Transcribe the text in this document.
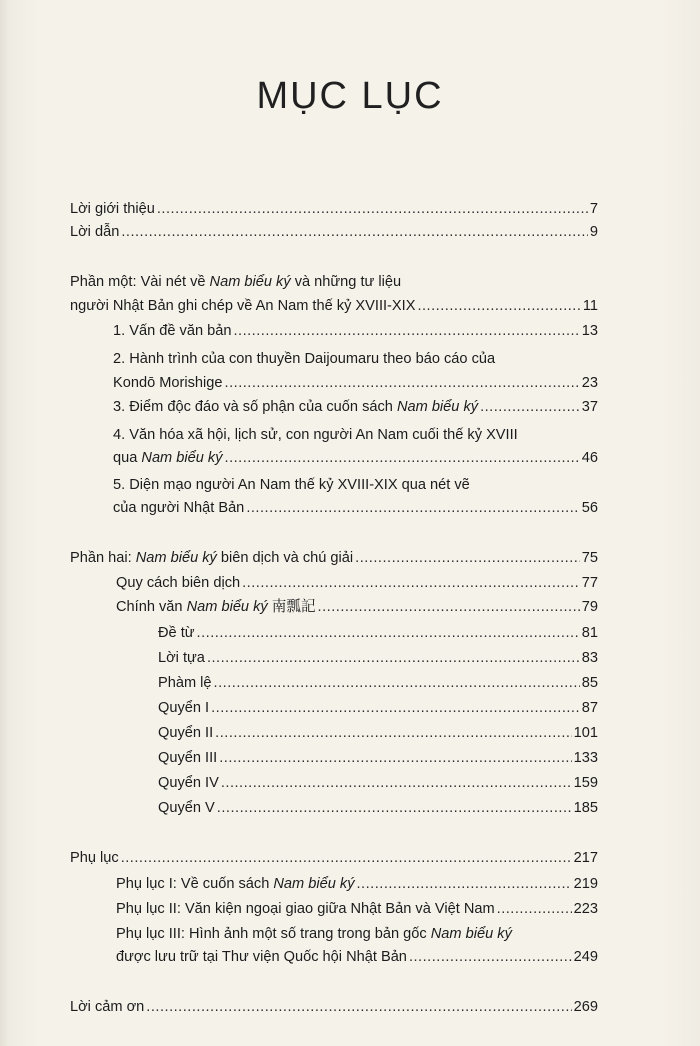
MỤC LỤC
Lời giới thiệu .....	7
Lời dẫn .....	9
Phần một: Vài nét về Nam biểu ký và những tư liệu
người Nhật Bản ghi chép về An Nam thế kỷ XVIII-XIX .....	11
1. Vấn đề văn bản .....	13
2. Hành trình của con thuyền Daijoumaru theo báo cáo của
Kondō Morishige .....	23
3. Điểm độc đáo và số phận của cuốn sách Nam biểu ký .....	37
4. Văn hóa xã hội, lịch sử, con người An Nam cuối thế kỷ XVIII
qua Nam biểu ký .....	46
5. Diện mạo người An Nam thế kỷ XVIII-XIX qua nét vẽ
của người Nhật Bản .....	56
Phần hai: Nam biểu ký biên dịch và chú giải .....	75
Quy cách biên dịch .....	77
Chính văn Nam biểu ký 南瓢記 .....	79
Đề từ .....	81
Lời tựa .....	83
Phàm lệ .....	85
Quyển I .....	87
Quyển II .....	101
Quyển III .....	133
Quyển IV .....	159
Quyển V .....	185
Phụ lục .....	217
Phụ lục I: Về cuốn sách Nam biểu ký .....	219
Phụ lục II: Văn kiện ngoại giao giữa Nhật Bản và Việt Nam .....	223
Phụ lục III: Hình ảnh một số trang trong bản gốc Nam biểu ký
được lưu trữ tại Thư viện Quốc hội Nhật Bản .....	249
Lời cảm ơn .....	269
